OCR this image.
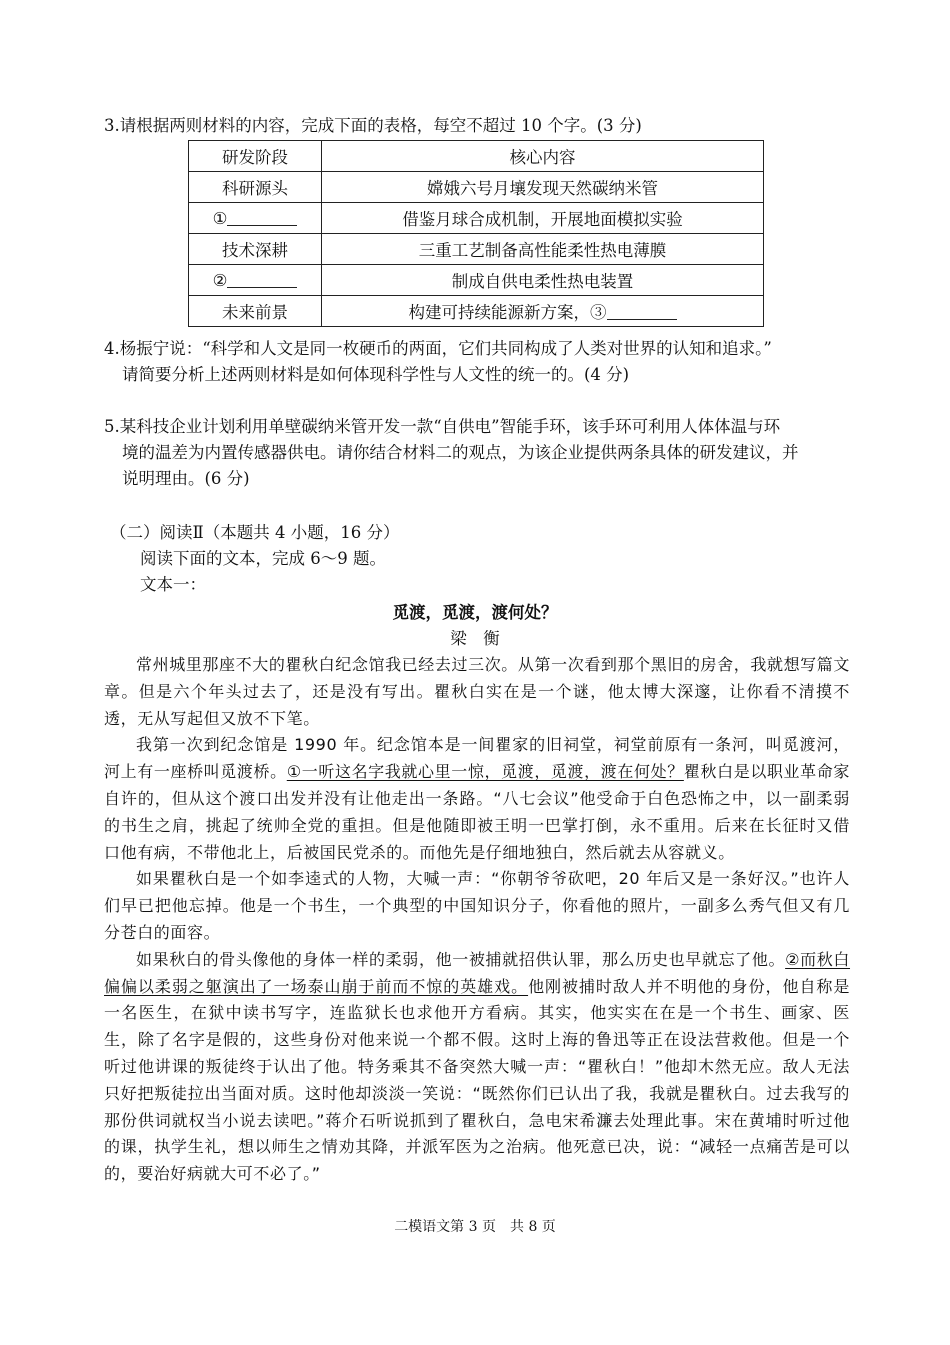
3.请根据两则材料的内容，完成下面的表格，每空不超过 10 个字。(3 分)
研发阶段	核心内容
科研源头	嫦娥六号月壤发现天然碳纳米管
①	借鉴月球合成机制，开展地面模拟实验
技术深耕	三重工艺制备高性能柔性热电薄膜
②	制成自供电柔性热电装置
未来前景	构建可持续能源新方案，③
4.杨振宁说：“科学和人文是同一枚硬币的两面，它们共同构成了人类对世界的认知和追求。”
请简要分析上述两则材料是如何体现科学性与人文性的统一的。(4 分)
5.某科技企业计划利用单壁碳纳米管开发一款“自供电”智能手环，该手环可利用人体体温与环
境的温差为内置传感器供电。请你结合材料二的观点，为该企业提供两条具体的研发建议，并
说明理由。(6 分)
（二）阅读Ⅱ（本题共 4 小题，16 分）
阅读下面的文本，完成 6～9 题。
文本一：
觅渡，觅渡，渡何处？
梁　衡

常州城里那座不大的瞿秋白纪念馆我已经去过三次。从第一次看到那个黑旧的房舍，我就想写篇文章。但是六个年头过去了，还是没有写出。瞿秋白实在是一个谜，他太博大深邃，让你看不清摸不透，无从写起但又放不下笔。

我第一次到纪念馆是 1990 年。纪念馆本是一间瞿家的旧祠堂，祠堂前原有一条河，叫觅渡河，河上有一座桥叫觅渡桥。①一听这名字我就心里一惊，觅渡，觅渡，渡在何处？瞿秋白是以职业革命家自许的，但从这个渡口出发并没有让他走出一条路。“八七会议”他受命于白色恐怖之中，以一副柔弱的书生之肩，挑起了统帅全党的重担。但是他随即被王明一巴掌打倒，永不重用。后来在长征时又借口他有病，不带他北上，后被国民党杀的。而他先是仔细地独白，然后就去从容就义。

如果瞿秋白是一个如李逵式的人物，大喊一声：“你朝爷爷砍吧，20 年后又是一条好汉。”也许人们早已把他忘掉。他是一个书生，一个典型的中国知识分子，你看他的照片，一副多么秀气但又有几分苍白的面容。

如果秋白的骨头像他的身体一样的柔弱，他一被捕就招供认罪，那么历史也早就忘了他。②而秋白偏偏以柔弱之躯演出了一场泰山崩于前而不惊的英雄戏。他刚被捕时敌人并不明他的身份，他自称是一名医生，在狱中读书写字，连监狱长也求他开方看病。其实，他实实在在是一个书生、画家、医生，除了名字是假的，这些身份对他来说一个都不假。这时上海的鲁迅等正在设法营救他。但是一个听过他讲课的叛徒终于认出了他。特务乘其不备突然大喊一声：“瞿秋白！”他却木然无应。敌人无法只好把叛徒拉出当面对质。这时他却淡淡一笑说：“既然你们已认出了我，我就是瞿秋白。过去我写的那份供词就权当小说去读吧。”蒋介石听说抓到了瞿秋白，急电宋希濂去处理此事。宋在黄埔时听过他的课，执学生礼，想以师生之情劝其降，并派军医为之治病。他死意已决，说：“减轻一点痛苦是可以的，要治好病就大可不必了。”

二模语文第 3 页　共 8 页
